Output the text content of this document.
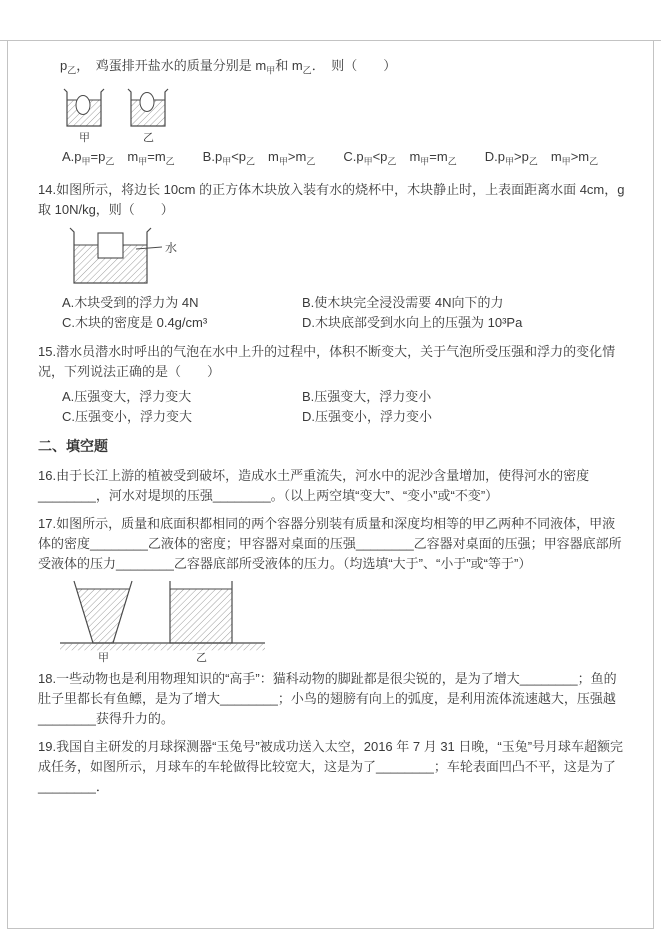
$p_乙$，　鸡蛋排开盐水的质量分别是 $m_甲$和 $m_乙$．　则（　　）
甲	乙
$A.p_甲=p_乙$　$m_甲=m_乙$ $B.p_甲<p_乙$　$m_甲>m_乙$ $C.p_甲<p_乙$　$m_甲=m_乙$ $D.p_甲>p_乙$　$m_甲>m_乙$
14.如图所示，将边长 10cm 的正方体木块放入装有水的烧杯中，木块静止时，上表面距离水面 4cm，g 取 10N/kg，则（　　）
水
A.木块受到的浮力为 4N	B.使木块完全浸没需要 4N向下的力
C.木块的密度是 0.4g/cm³	D.木块底部受到水向上的压强为 10³Pa
15.潜水员潜水时呼出的气泡在水中上升的过程中，体积不断变大，关于气泡所受压强和浮力的变化情况，下列说法正确的是（　　）
A.压强变大，浮力变大	B.压强变大，浮力变小
C.压强变小，浮力变大	D.压强变小，浮力变小
二、填空题
16.由于长江上游的植被受到破坏，造成水土严重流失，河水中的泥沙含量增加，使得河水的密度________，河水对堤坝的压强________。（以上两空填“变大”、“变小”或“不变”）
17.如图所示，质量和底面积都相同的两个容器分别装有质量和深度均相等的甲乙两种不同液体，甲液体的密度________乙液体的密度；甲容器对桌面的压强________乙容器对桌面的压强；甲容器底部所受液体的压力________乙容器底部所受液体的压力。（均选填“大于”、“小于”或“等于”）
甲	乙
18.一些动物也是利用物理知识的“高手”：猫科动物的脚趾都是很尖锐的，是为了增大________；鱼的肚子里都长有鱼鳔，是为了增大________；小鸟的翅膀有向上的弧度，是利用流体流速越大，压强越________获得升力的。
19.我国自主研发的月球探测器“玉兔号”被成功送入太空，2016 年 7 月 31 日晚，“玉兔”号月球车超额完成任务，如图所示，月球车的车轮做得比较宽大，这是为了________；车轮表面凹凸不平，这是为了________．
